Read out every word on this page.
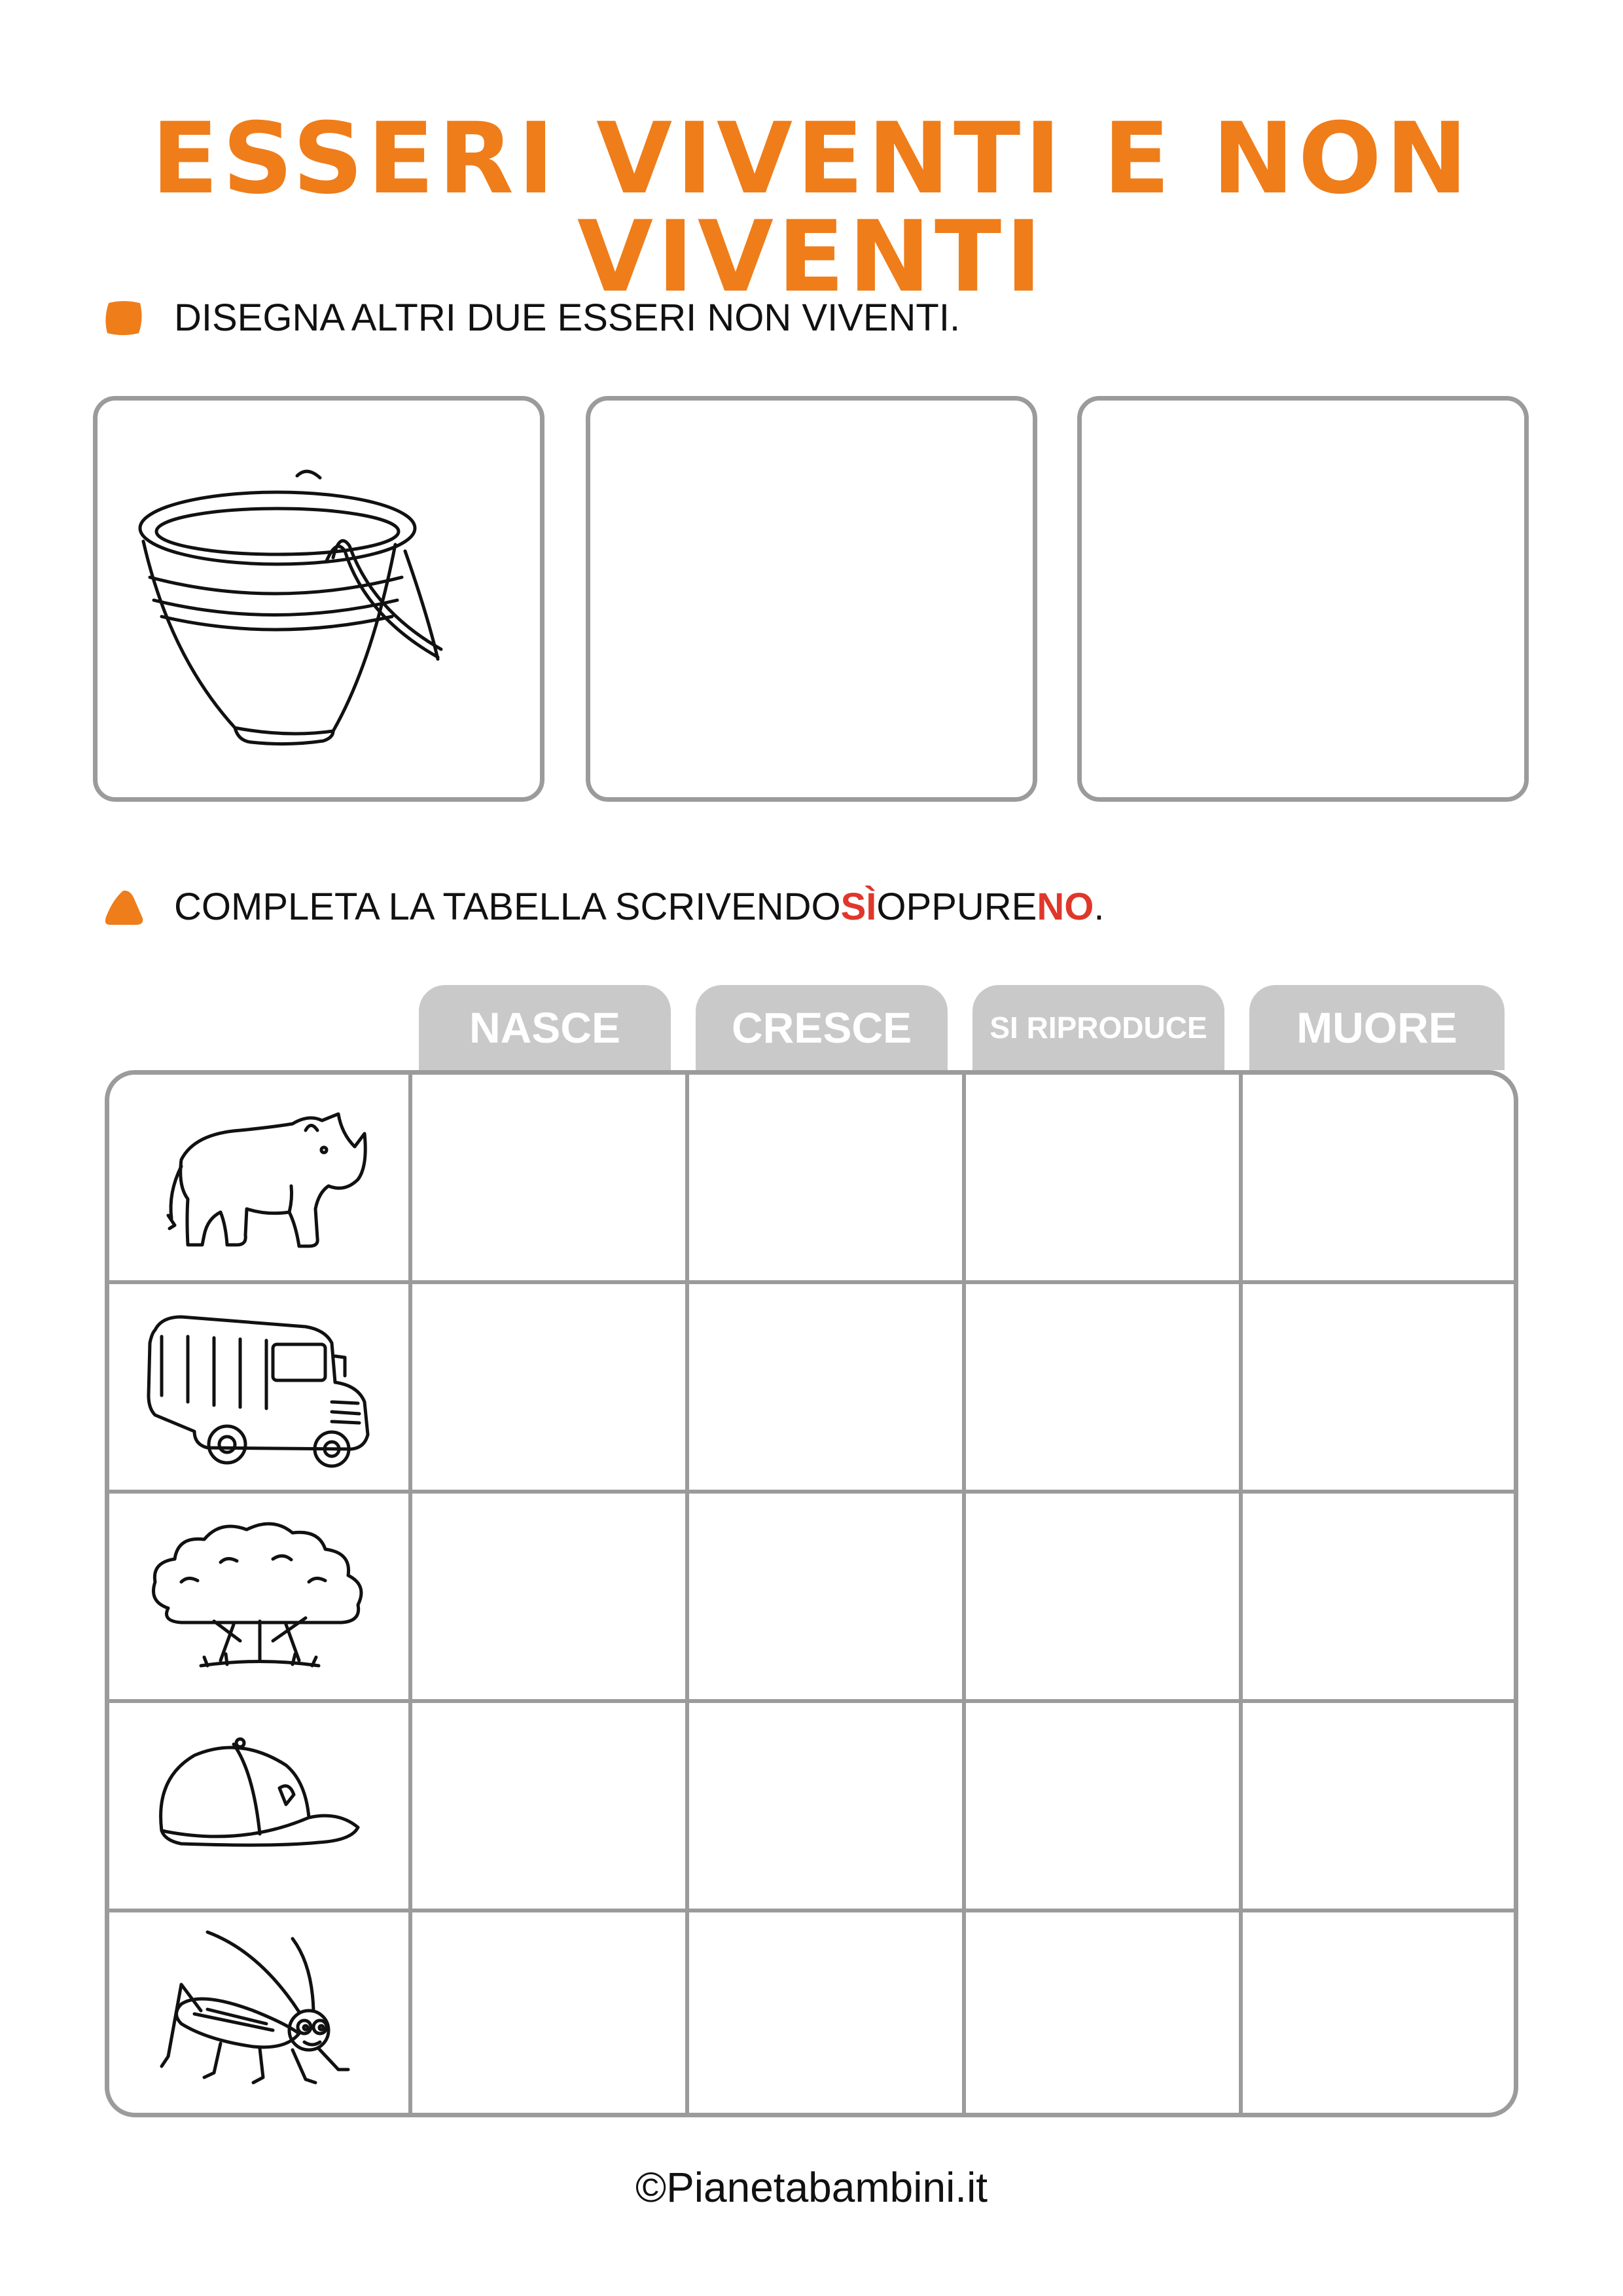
ESSERI VIVENTI E NON VIVENTI
DISEGNA ALTRI DUE ESSERI NON VIVENTI.
COMPLETA LA TABELLA SCRIVENDO SÌ OPPURE NO .
NASCE	CRESCE	SI RIPRODUCE	MUORE
©Pianetabambini.it
